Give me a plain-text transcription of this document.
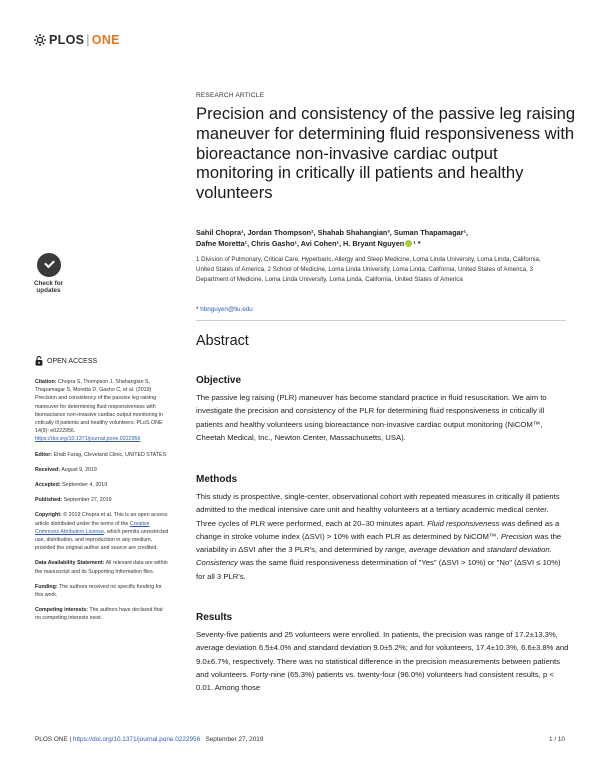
PLOS | ONE
RESEARCH ARTICLE
Precision and consistency of the passive leg raising maneuver for determining fluid responsiveness with bioreactance non-invasive cardiac output monitoring in critically ill patients and healthy volunteers
Sahil Chopra¹, Jordan Thompson², Shahab Shahangian³, Suman Thapamagar¹,
Dafne Moretta¹, Chris Gasho¹, Avi Cohen¹, H. Bryant Nguyen ¹ *
1 Division of Pulmonary, Critical Care, Hyperbaric, Allergy and Sleep Medicine, Loma Linda University, Loma Linda, California, United States of America, 2 School of Medicine, Loma Linda University, Loma Linda, California, United States of America, 3 Department of Medicine, Loma Linda University, Loma Linda, California, United States of America
* hbnguyen@llu.edu
Check for
updates
OPEN ACCESS
Citation: Chopra S, Thompson J, Shahangian S, Thapamagar S, Moretta D, Gasho C, et al. (2019) Precision and consistency of the passive leg raising maneuver for determining fluid responsiveness with bioreactance non-invasive cardiac output monitoring in critically ill patients and healthy volunteers. PLoS ONE 14(9): e0222956. https://doi.org/10.1371/journal.pone.0222956
Editor: Ehab Farag, Cleveland Clinic, UNITED STATES
Received: August 9, 2019
Accepted: September 4, 2019
Published: September 27, 2019
Copyright: © 2019 Chopra et al. This is an open access article distributed under the terms of the Creative Commons Attribution License, which permits unrestricted use, distribution, and reproduction in any medium, provided the original author and source are credited.
Data Availability Statement: All relevant data are within the manuscript and its Supporting Information files.
Funding: The authors received no specific funding for this work.
Competing interests: The authors have declared that no competing interests exist.
Abstract
Objective

The passive leg raising (PLR) maneuver has become standard practice in fluid resuscitation. We aim to investigate the precision and consistency of the PLR for determining fluid responsiveness in critically ill patients and healthy volunteers using bioreactance non-invasive cardiac output monitoring (NiCOM™, Cheetah Medical, Inc., Newton Center, Massachusetts, USA).

Methods

This study is prospective, single-center, observational cohort with repeated measures in critically ill patients admitted to the medical intensive care unit and healthy volunteers at a tertiary academic medical center. Three cycles of PLR were performed, each at 20–30 minutes apart. Fluid responsiveness was defined as a change in stroke volume index (ΔSVI) > 10% with each PLR as determined by NiCOM™. Precision was the variability in ΔSVI after the 3 PLR's, and determined by range, average deviation and standard deviation. Consistency was the same fluid responsiveness determination of "Yes" (ΔSVI > 10%) or "No" (ΔSVI ≤ 10%) for all 3 PLR's.

Results

Seventy-five patients and 25 volunteers were enrolled. In patients, the precision was range of 17.2±13.3%, average deviation 6.5±4.0% and standard deviation 9.0±5.2%; and for volunteers, 17.4±10.3%, 6.6±3.8% and 9.0±6.7%, respectively. There was no statistical difference in the precision measurements between patients and volunteers. Forty-nine (65.3%) patients vs. twenty-four (96.0%) volunteers had consistent results, p < 0.01. Among those

PLOS ONE
|
https://doi.org/10.1371/journal.pone.0222956
September 27, 2019	1 / 10
